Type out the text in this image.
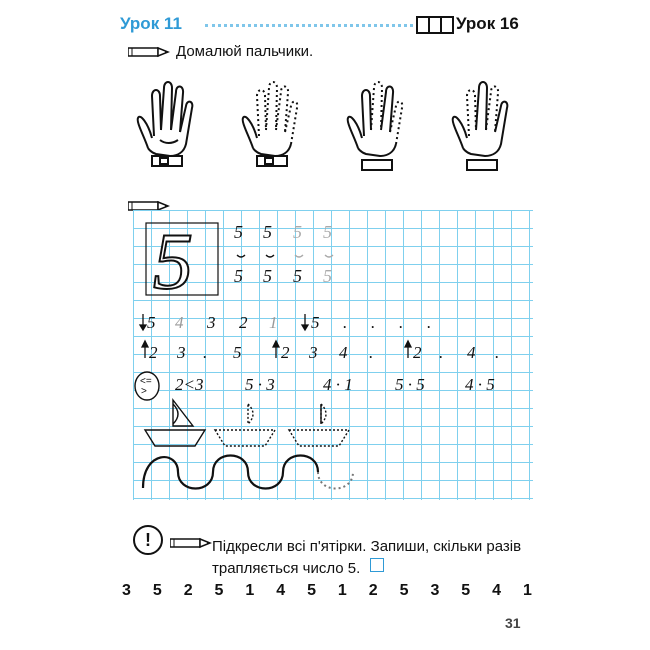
Урок 11	Урок 16
Домалюй пальчики.
5 5 5 5 5
5 5 5 5
5 4 3 2 1 5 . . . .
2 3 . 5 2 3 4 . 2 . 4 .
<=
> 2<3 5 · 3	4 · 1 5 · 5 4 · 5
!	Підкресли всі п'ятірки. Запиши, скільки разів трапляється число 5.
3 5 2 5 1 4 5 1 2 5 3 5 4 1
31
